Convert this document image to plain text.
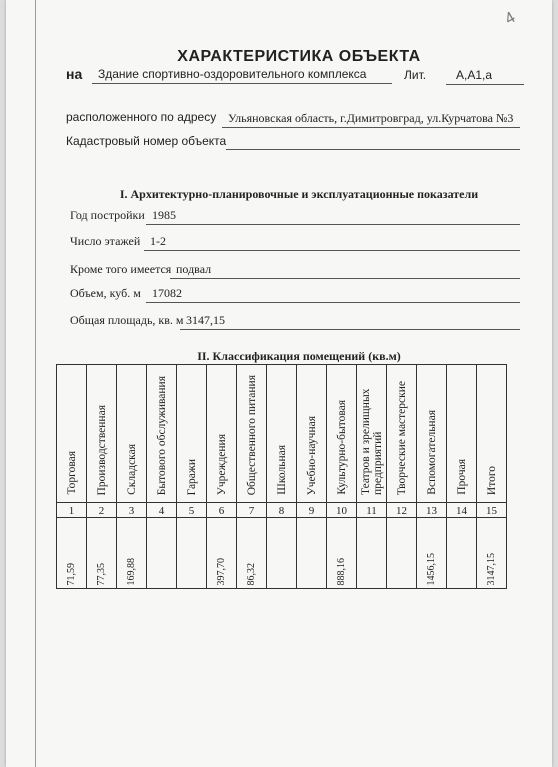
4
ХАРАКТЕРИСТИКА ОБЪЕКТА
на Здание спортивно-оздоровительного комплекса	Лит. А,А1,а
расположенного по адресу Ульяновская область, г.Димитровград, ул.Курчатова №3
Кадастровый номер объекта
I. Архитектурно-планировочные и эксплуатационные показатели
Год постройки 1985
Число этажей 1-2
Кроме того имеется подвал
Объем, куб. м 17082
Общая площадь, кв. м 3147,15
II. Классификация помещений (кв.м)
Торговая	Производственная	Складская	Бытового обслуживания	Гаражи	Учреждения	Общественного питания	Школьная	Учебно-научная	Культурно-бытовая	Театров и зрелищных предприятий	Творческие мастерские	Вспомогательная	Прочая	Итого
1	2	3	4	5	6	7	8	9	10	11	12	13	14	15
71,59	77,35	169,88			397,70	86,32			888,16			1456,15		3147,15
